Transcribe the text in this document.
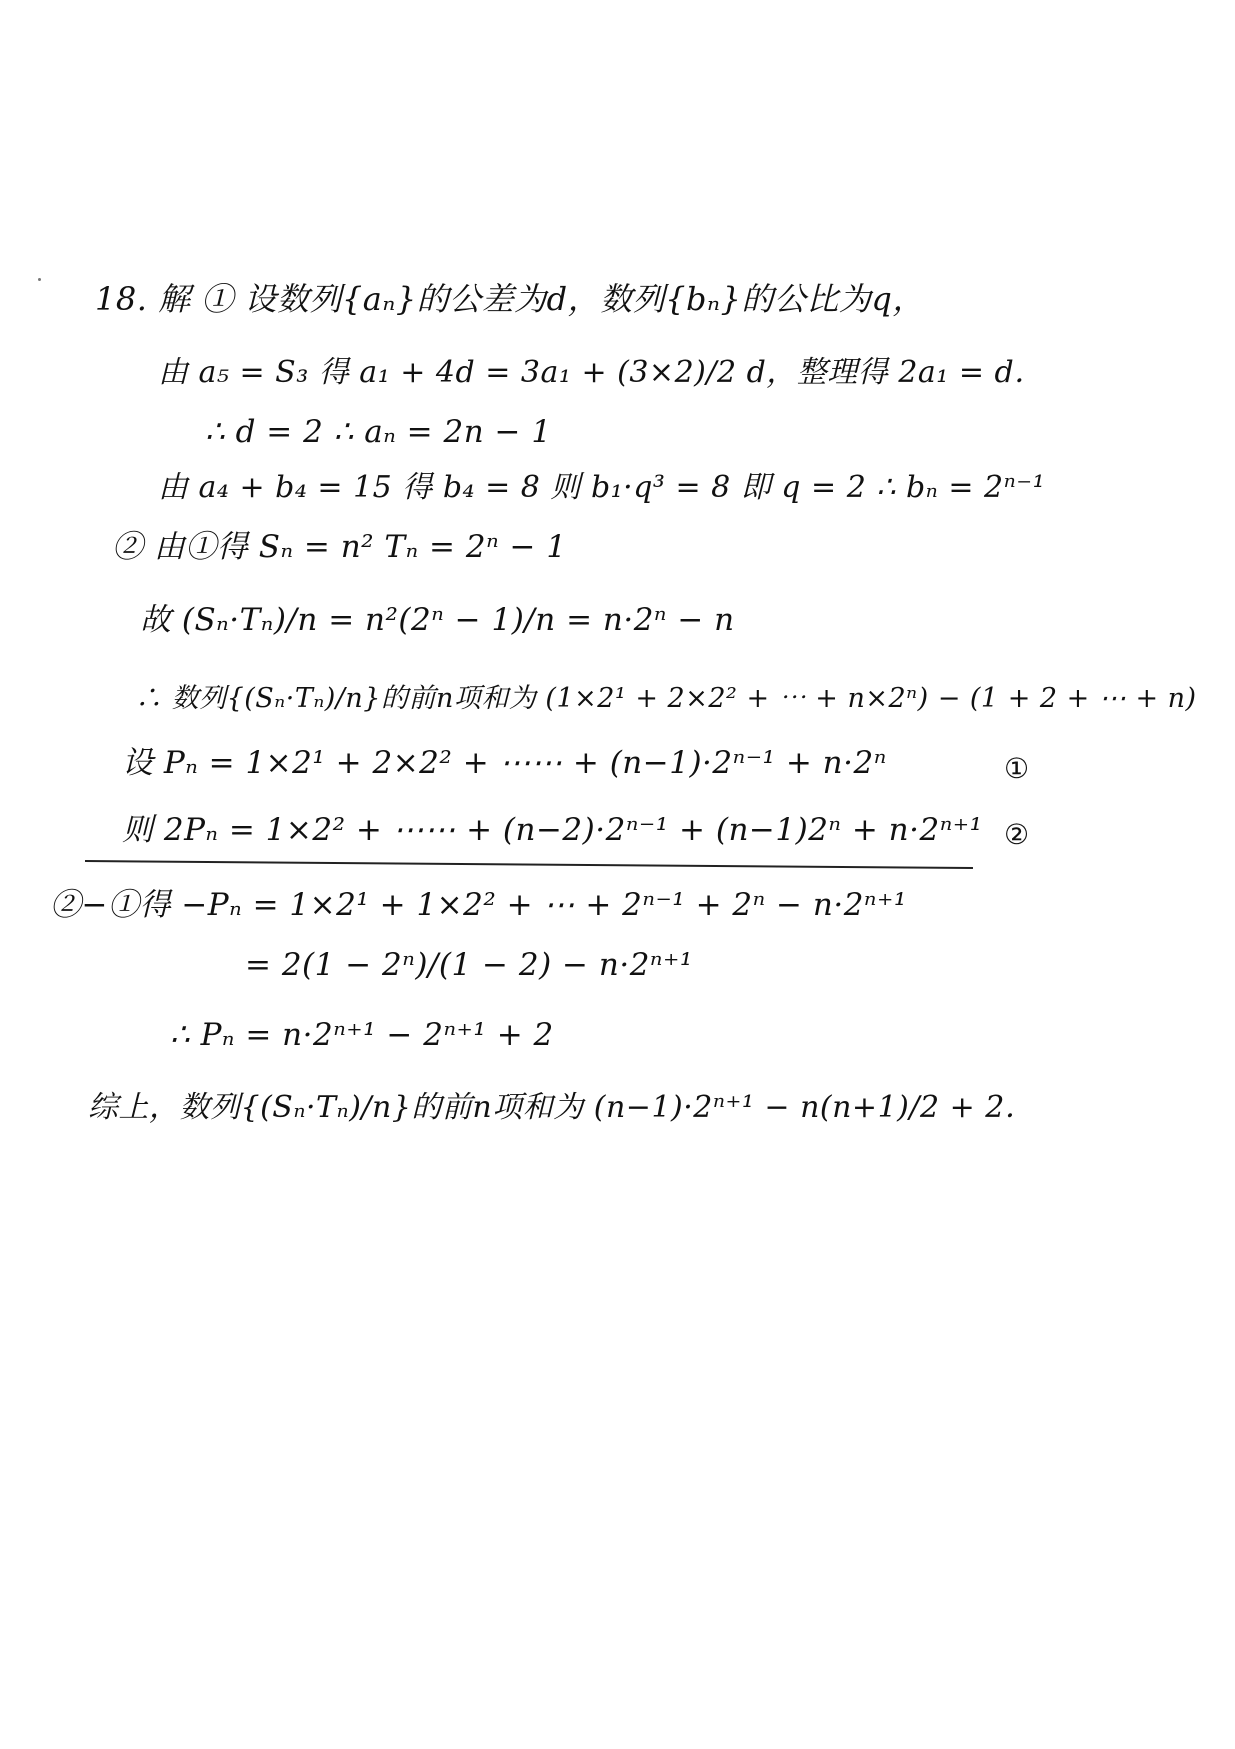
18. 解 ① 设数列{aₙ}的公差为d，数列{bₙ}的公比为q，
由 a₅ = S₃ 得 a₁ + 4d = 3a₁ + (3×2)/2 d，整理得 2a₁ = d．
∴ d = 2 ∴ aₙ = 2n − 1
由 a₄ + b₄ = 15 得 b₄ = 8 则 b₁·q³ = 8 即 q = 2 ∴ bₙ = 2ⁿ⁻¹
② 由①得 Sₙ = n² Tₙ = 2ⁿ − 1
故 (Sₙ·Tₙ)/n = n²(2ⁿ − 1)/n = n·2ⁿ − n
∴ 数列{(Sₙ·Tₙ)/n}的前n项和为 (1×2¹ + 2×2² + ⋯ + n×2ⁿ) − (1 + 2 + ⋯ + n)
设 Pₙ = 1×2¹ + 2×2² + ⋯⋯ + (n−1)·2ⁿ⁻¹ + n·2ⁿ	①
则 2Pₙ = 1×2² + ⋯⋯ + (n−2)·2ⁿ⁻¹ + (n−1)2ⁿ + n·2ⁿ⁺¹ ②
②−①得 −Pₙ = 1×2¹ + 1×2² + ⋯ + 2ⁿ⁻¹ + 2ⁿ − n·2ⁿ⁺¹
= 2(1 − 2ⁿ)/(1 − 2) − n·2ⁿ⁺¹
∴ Pₙ = n·2ⁿ⁺¹ − 2ⁿ⁺¹ + 2
综上，数列{(Sₙ·Tₙ)/n}的前n项和为 (n−1)·2ⁿ⁺¹ − n(n+1)/2 + 2．
